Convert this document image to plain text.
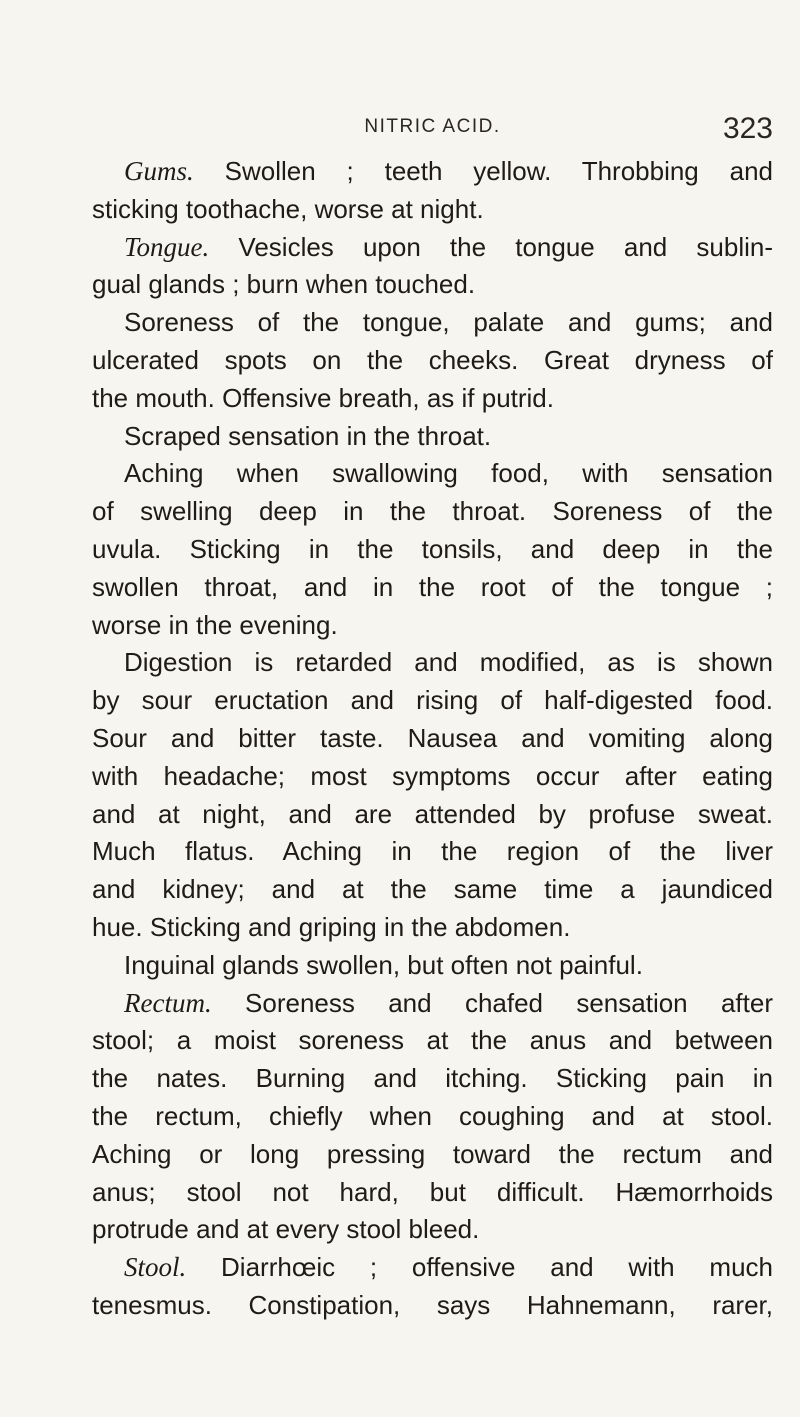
NITRIC ACID.	323
Gums. Swollen ; teeth yellow. Throbbing and
sticking toothache, worse at night.
Tongue. Vesicles upon the tongue and sublin-
gual glands ; burn when touched.
Soreness of the tongue, palate and gums; and
ulcerated spots on the cheeks. Great dryness of
the mouth. Offensive breath, as if putrid.
Scraped sensation in the throat.
Aching when swallowing food, with sensation
of swelling deep in the throat. Soreness of the
uvula. Sticking in the tonsils, and deep in the
swollen throat, and in the root of the tongue ;
worse in the evening.
Digestion is retarded and modified, as is shown
by sour eructation and rising of half-digested food.
Sour and bitter taste. Nausea and vomiting along
with headache; most symptoms occur after eating
and at night, and are attended by profuse sweat.
Much flatus. Aching in the region of the liver
and kidney; and at the same time a jaundiced
hue. Sticking and griping in the abdomen.
Inguinal glands swollen, but often not painful.
Rectum. Soreness and chafed sensation after
stool; a moist soreness at the anus and between
the nates. Burning and itching. Sticking pain in
the rectum, chiefly when coughing and at stool.
Aching or long pressing toward the rectum and
anus; stool not hard, but difficult. Hæmorrhoids
protrude and at every stool bleed.
Stool. Diarrhœic ; offensive and with much
tenesmus. Constipation, says Hahnemann, rarer,
